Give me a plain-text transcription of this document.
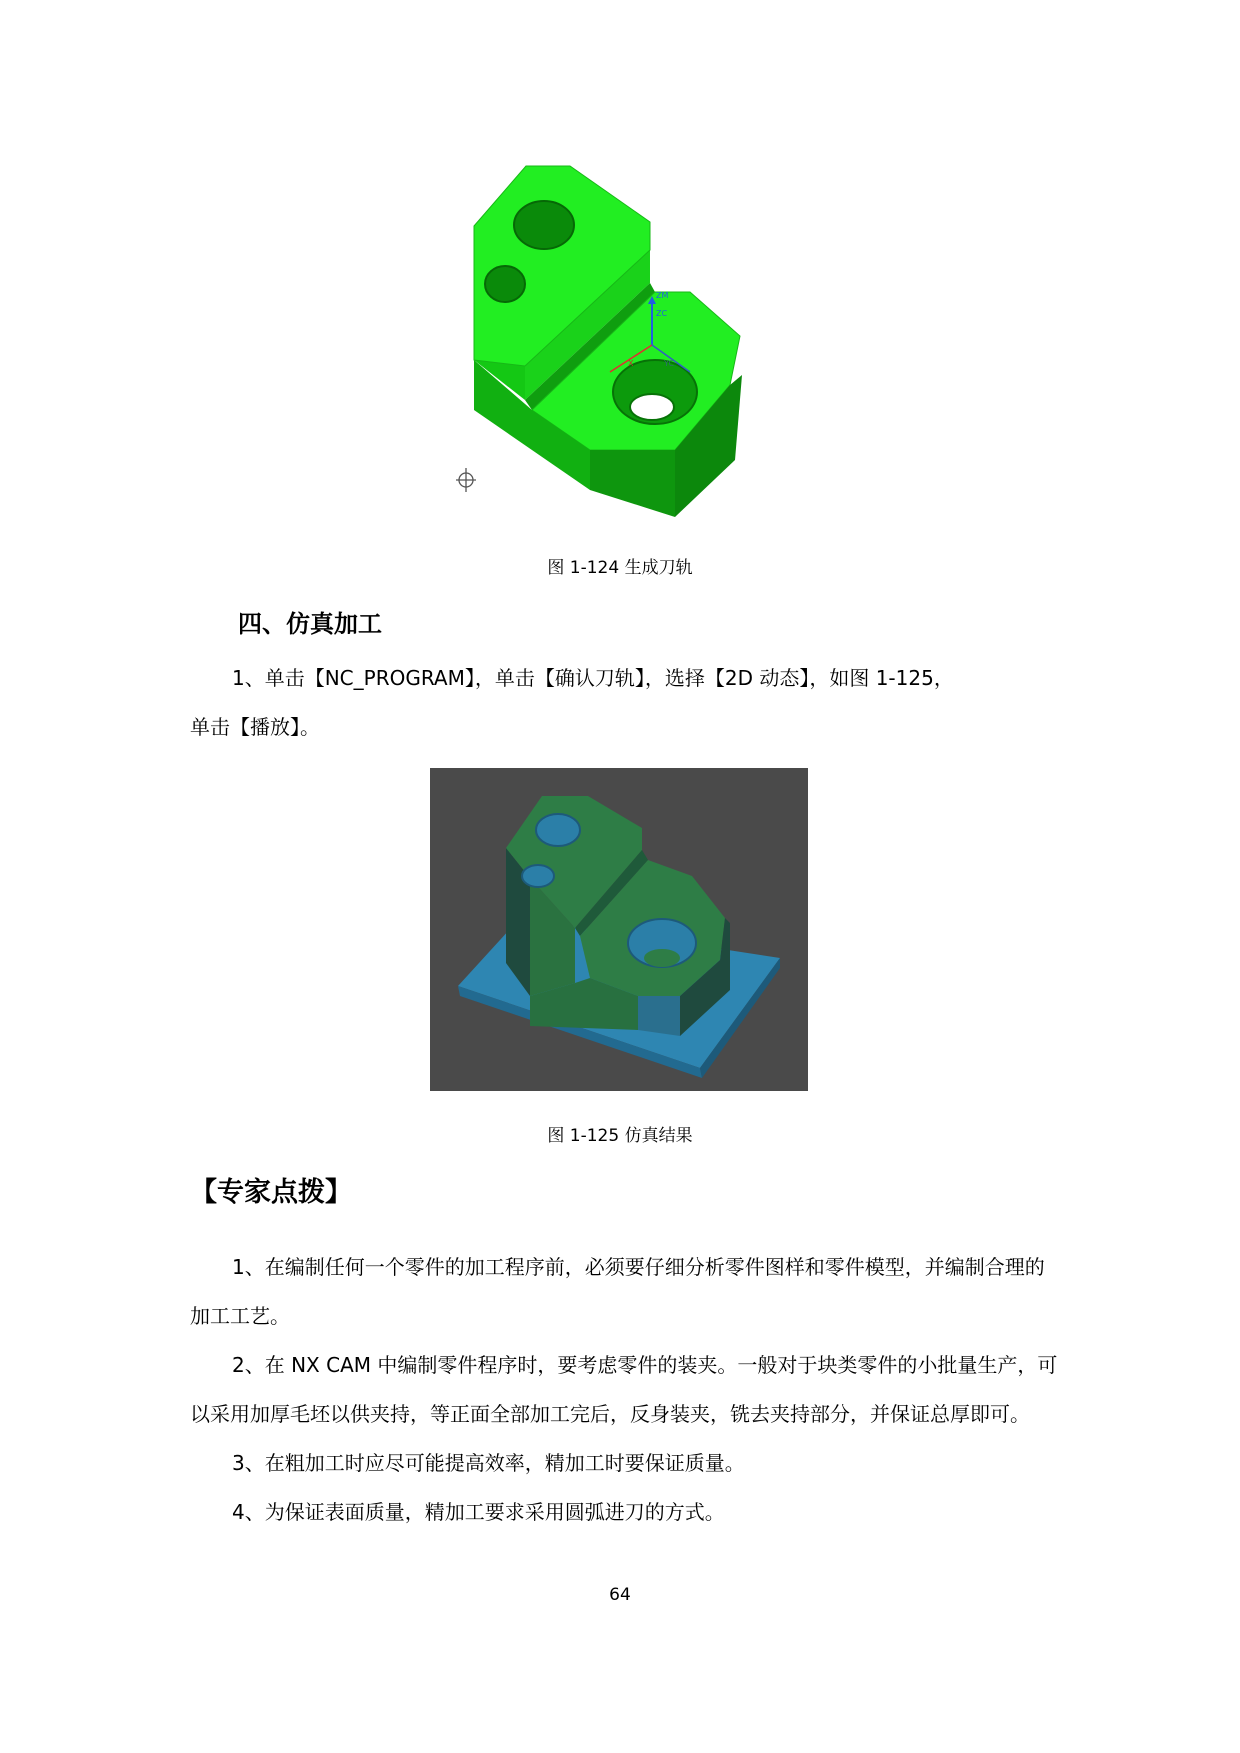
ZM
ZC
YC
X
图 1-124 生成刀轨
四、仿真加工
1、单击【NC_PROGRAM】，单击【确认刀轨】，选择【2D 动态】，如图 1-125，
单击【播放】。
图 1-125 仿真结果
【专家点拨】
1、在编制任何一个零件的加工程序前，必须要仔细分析零件图样和零件模型，并编制合理的加工工艺。
2、在 NX CAM 中编制零件程序时，要考虑零件的装夹。一般对于块类零件的小批量生产，可以采用加厚毛坯以供夹持，等正面全部加工完后，反身装夹，铣去夹持部分，并保证总厚即可。
3、在粗加工时应尽可能提高效率，精加工时要保证质量。
4、为保证表面质量，精加工要求采用圆弧进刀的方式。
64
